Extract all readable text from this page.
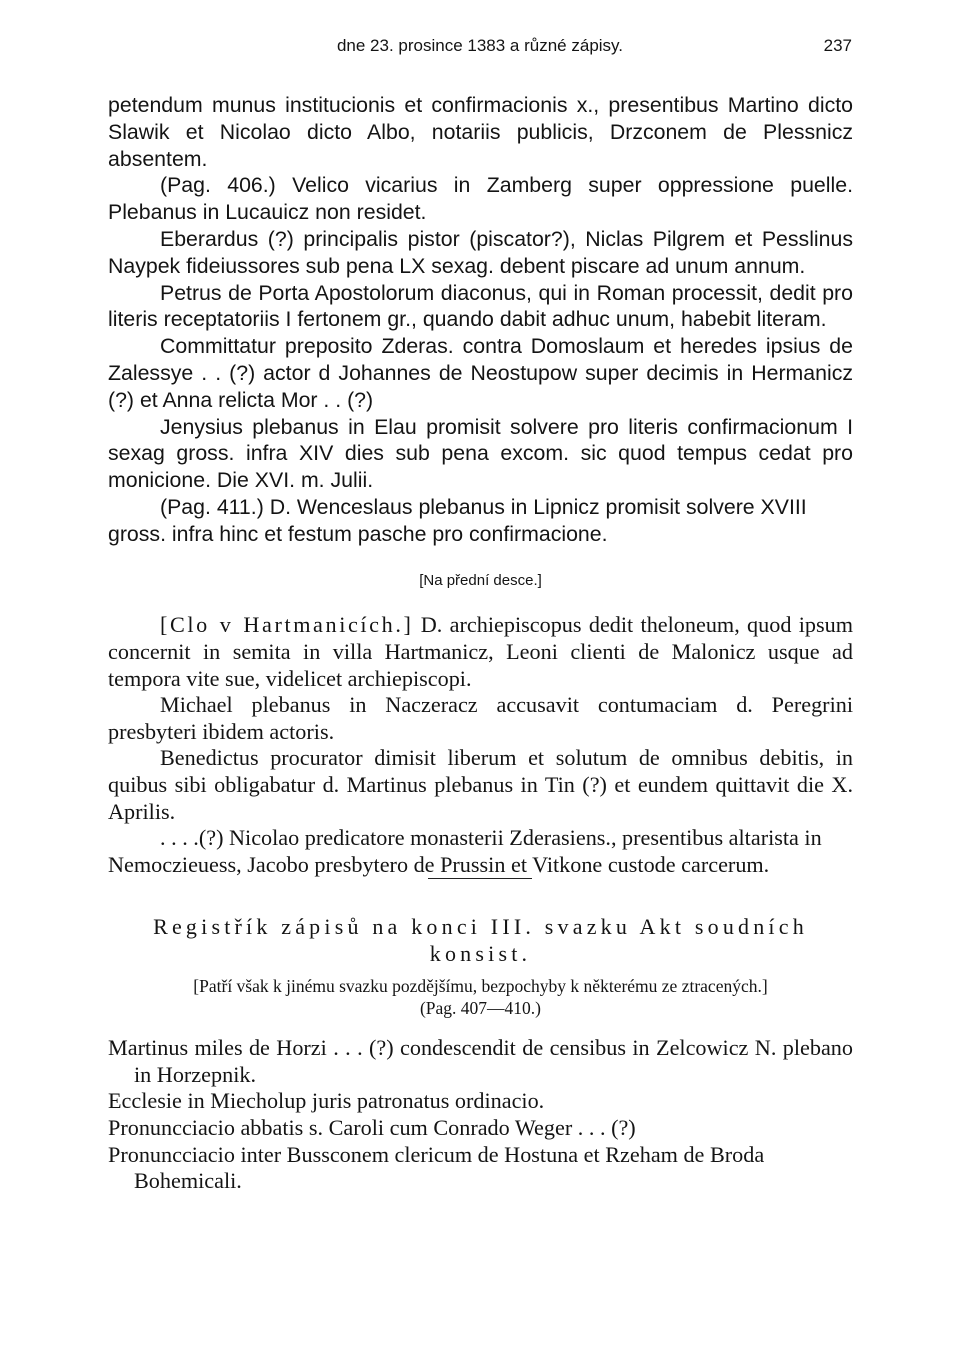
dne 23. prosince 1383 a různé zápisy.	237

petendum munus institucionis et confirmacionis x., presentibus Martino dicto Slawik et Nicolao dicto Albo, notariis publicis, Drzconem de Plessnicz absentem.

(Pag. 406.) Velico vicarius in Zamberg super oppressione puelle. Plebanus in Lucauicz non residet.

Eberardus (?) principalis pistor (piscator?), Niclas Pilgrem et Pesslinus Naypek fideiussores sub pena LX sexag. debent piscare ad unum annum.

Petrus de Porta Apostolorum diaconus, qui in Roman processit, dedit pro literis receptatoriis I fertonem gr., quando dabit adhuc unum, habebit literam.

Committatur preposito Zderas. contra Domoslaum et heredes ipsius de Zalessye . . (?) actor d Johannes de Neostupow super decimis in Hermanicz (?) et Anna relicta Mor . . (?)

Jenysius plebanus in Elau promisit solvere pro literis confirmacionum I sexag gross. infra XIV dies sub pena excom. sic quod tempus cedat pro monicione. Die XVI. m. Julii.

(Pag. 411.) D. Wenceslaus plebanus in Lipnicz promisit solvere XVIII gross. infra hinc et festum pasche pro confirmacione.

[Na přední desce.]

[Clo v Hartmanicích.] D. archiepiscopus dedit theloneum, quod ipsum concernit in semita in villa Hartmanicz, Leoni clienti de Malonicz usque ad tempora vite sue, videlicet archiepiscopi.

Michael plebanus in Naczeracz accusavit contumaciam d. Peregrini presbyteri ibidem actoris.

Benedictus procurator dimisit liberum et solutum de omnibus debitis, in quibus sibi obligabatur d. Martinus plebanus in Tin (?) et eundem quittavit die X. Aprilis.

. . . .(?) Nicolao predicatore monasterii Zderasiens., presentibus altarista in Nemoczieuess, Jacobo presbytero de Prussin et Vitkone custode carcerum.

Registřík zápisů na konci III. svazku Akt soudních konsist.

[Patří však k jinému svazku pozdějšímu, bezpochyby k některému ze ztracených.]

(Pag. 407—410.)

Martinus miles de Horzi . . . (?) condescendit de censibus in Zelcowicz N. plebano in Horzepnik.

Ecclesie in Miecholup juris patronatus ordinacio.

Pronuncciacio abbatis s. Caroli cum Conrado Weger . . . (?)

Pronuncciacio inter Bussconem clericum de Hostuna et Rzeham de Broda Bohemicali.
